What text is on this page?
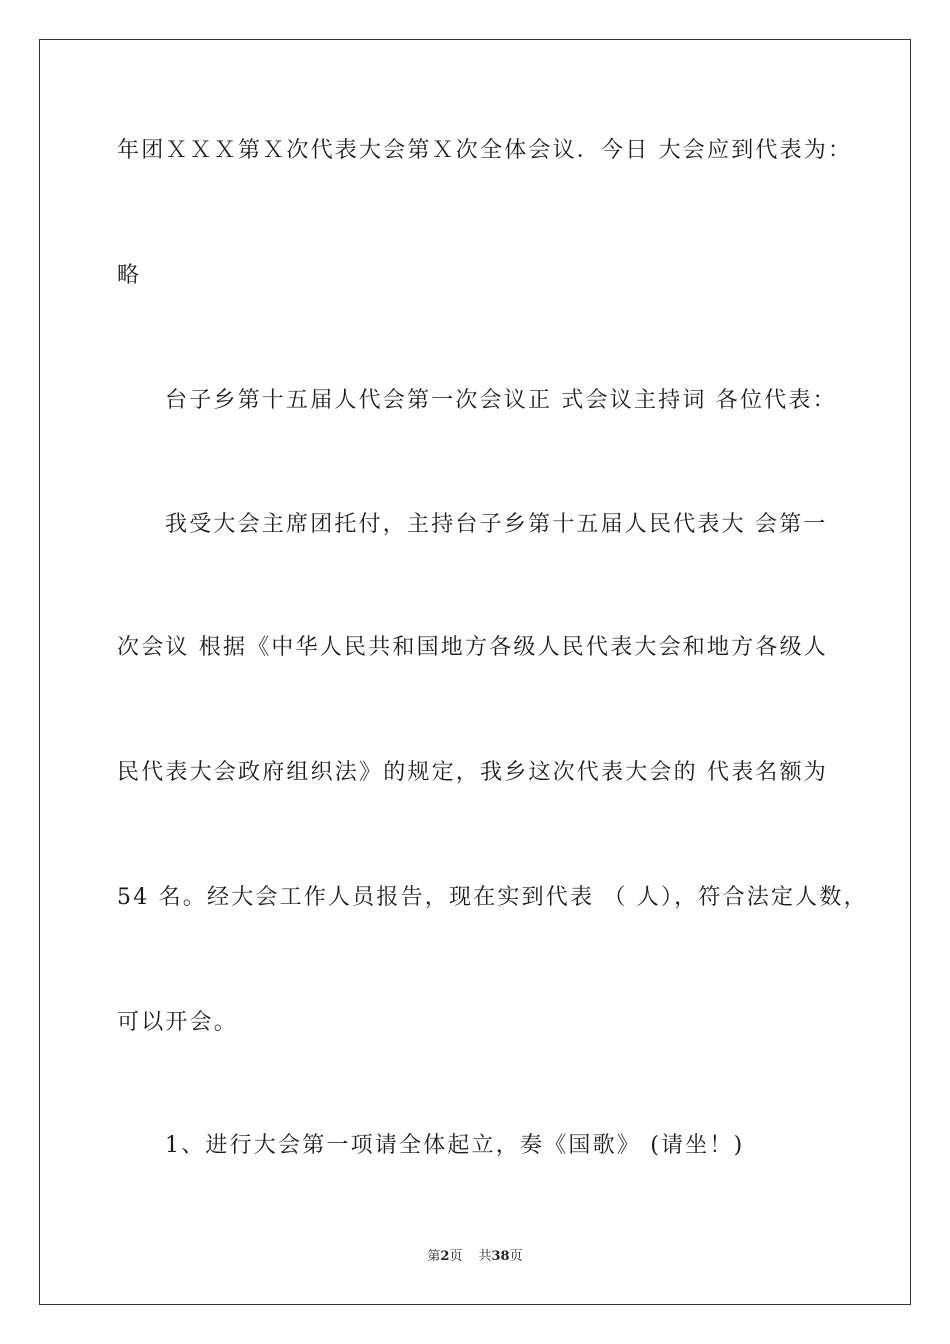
年团ＸＸＸ第Ｘ次代表大会第Ｘ次全体会议．今日 大会应到代表为：
略
台子乡第十五届人代会第一次会议正 式会议主持词 各位代表：
我受大会主席团托付，主持台子乡第十五届人民代表大 会第一
次会议 根据《中华人民共和国地方各级人民代表大会和地方各级人
民代表大会政府组织法》的规定，我乡这次代表大会的 代表名额为
54 名。经大会工作人员报告，现在实到代表 （ 人），符合法定人数，
可以开会。
1、进行大会第一项请全体起立，奏《国歌》 (请坐！)
第2页 共38页
